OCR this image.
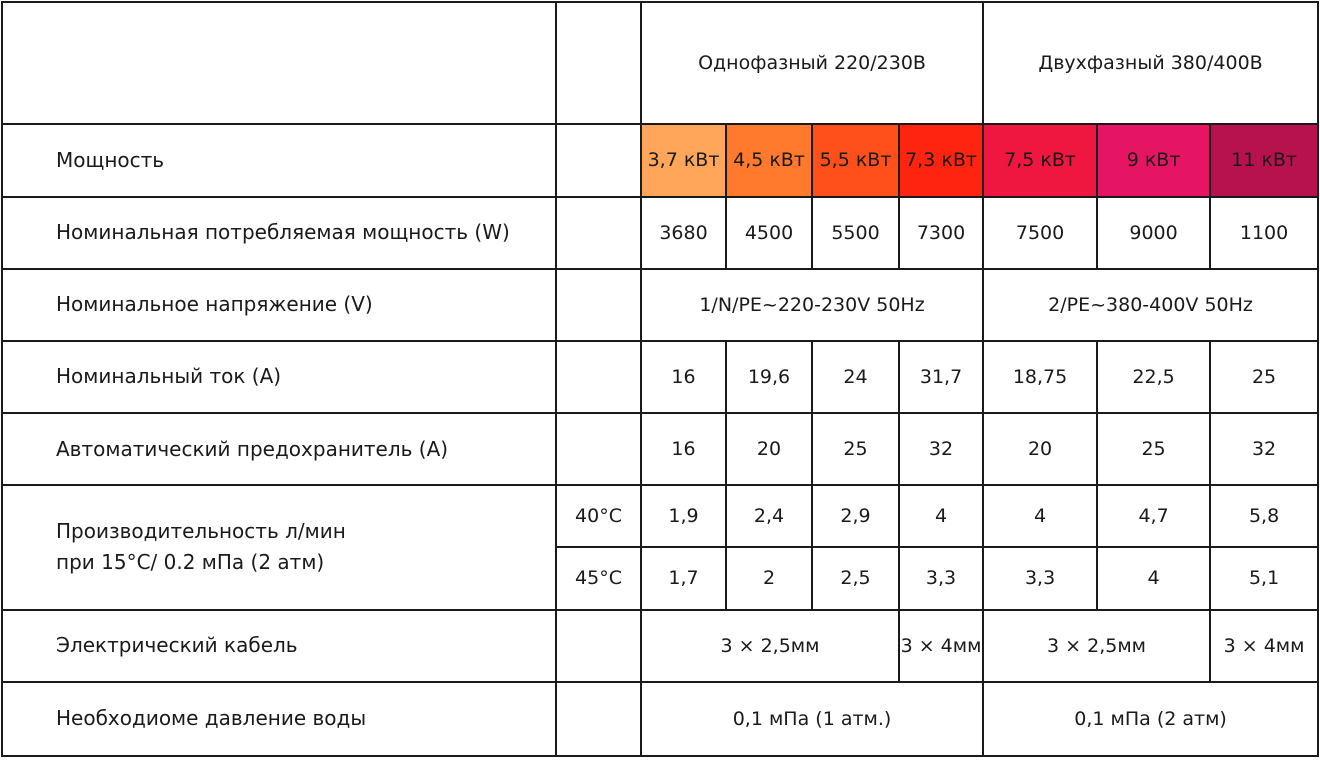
		Однофазный 220/230В				Двухфазный 380/400В		
Мощность		3,7 кВт	4,5 кВт	5,5 кВт	7,3 кВт	7,5 кВт	9 кВт	11 кВт
Номинальная потребляемая мощность (W)		3680	4500	5500	7300	7500	9000	1100
Номинальное напряжение (V)		1/N/PE~220-230V 50Hz				2/PE~380-400V 50Hz		
Номинальный ток (А)		16	19,6	24	31,7	18,75	22,5	25
Автоматический предохранитель (А)		16	20	25	32	20	25	32

Производительность л/мин
при 15°C/ 0.2 мПа (2 атм)	40°C	1,9	2,4	2,9	4	4	4,7	5,8
	45°C	1,7	2	2,5	3,3	3,3	4	5,1
Электрический кабель		3 × 2,5мм			3 × 4мм	3 × 2,5мм		3 × 4мм
Необходиоме давление воды		0,1 мПа (1 атм.)				0,1 мПа (2 атм)		
